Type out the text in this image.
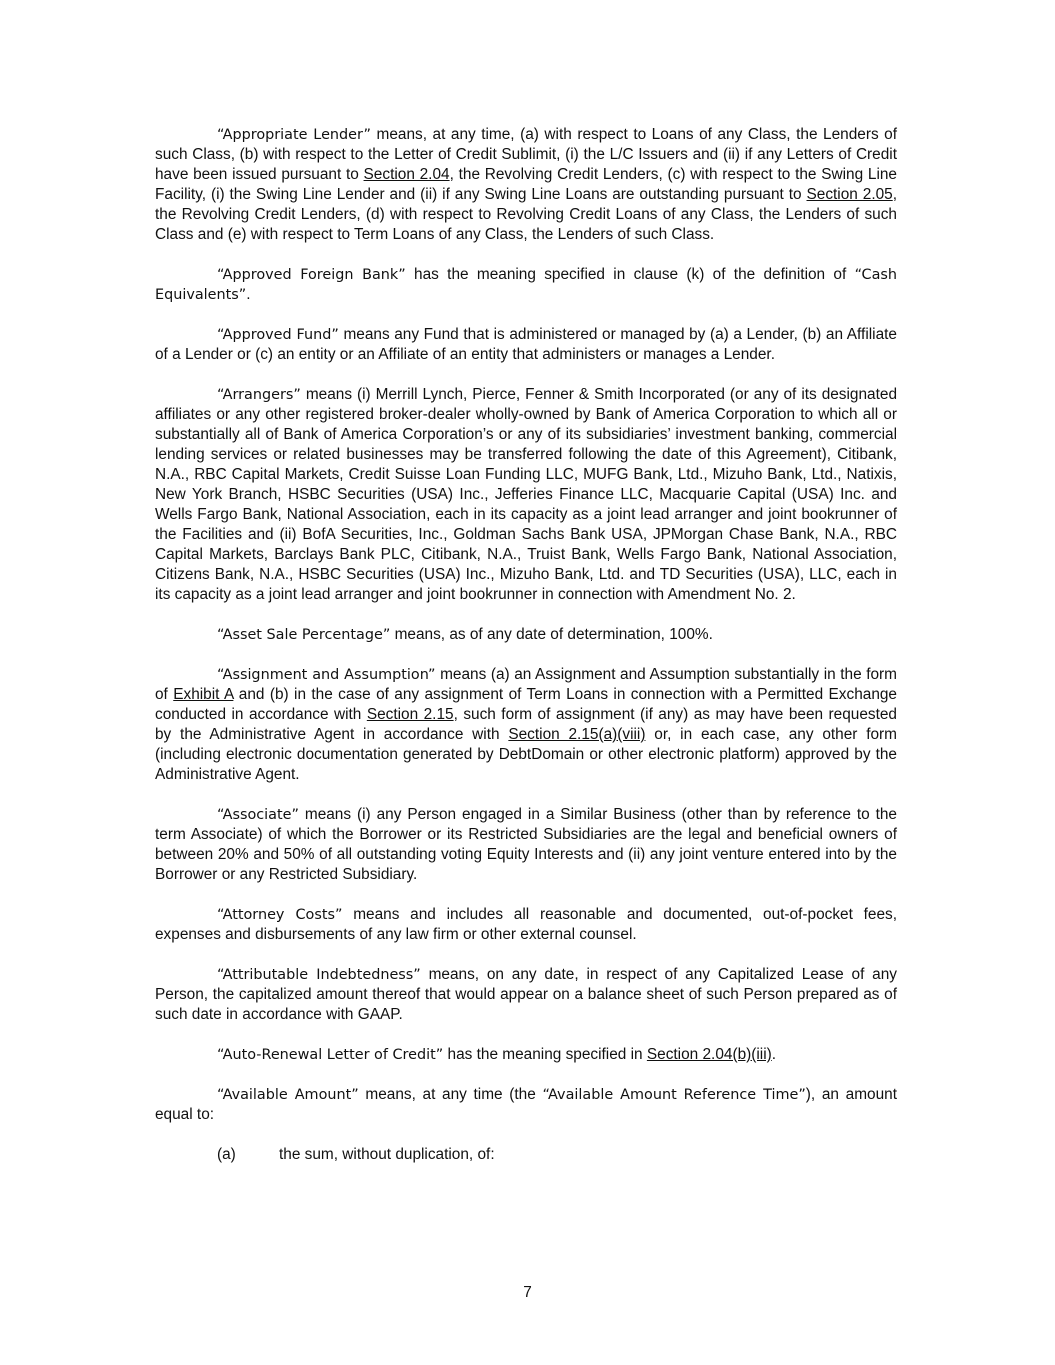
“Appropriate Lender” means, at any time, (a) with respect to Loans of any Class, the Lenders of such Class, (b) with respect to the Letter of Credit Sublimit, (i) the L/C Issuers and (ii) if any Letters of Credit have been issued pursuant to Section 2.04, the Revolving Credit Lenders, (c) with respect to the Swing Line Facility, (i) the Swing Line Lender and (ii) if any Swing Line Loans are outstanding pursuant to Section 2.05, the Revolving Credit Lenders, (d) with respect to Revolving Credit Loans of any Class, the Lenders of such Class and (e) with respect to Term Loans of any Class, the Lenders of such Class.

“Approved Foreign Bank” has the meaning specified in clause (k) of the definition of “Cash Equivalents”.

“Approved Fund” means any Fund that is administered or managed by (a) a Lender, (b) an Affiliate of a Lender or (c) an entity or an Affiliate of an entity that administers or manages a Lender.

“Arrangers” means (i) Merrill Lynch, Pierce, Fenner & Smith Incorporated (or any of its designated affiliates or any other registered broker-dealer wholly-owned by Bank of America Corporation to which all or substantially all of Bank of America Corporation’s or any of its subsidiaries’ investment banking, commercial lending services or related businesses may be transferred following the date of this Agreement), Citibank, N.A., RBC Capital Markets, Credit Suisse Loan Funding LLC, MUFG Bank, Ltd., Mizuho Bank, Ltd., Natixis, New York Branch, HSBC Securities (USA) Inc., Jefferies Finance LLC, Macquarie Capital (USA) Inc. and Wells Fargo Bank, National Association, each in its capacity as a joint lead arranger and joint bookrunner of the Facilities and (ii) BofA Securities, Inc., Goldman Sachs Bank USA, JPMorgan Chase Bank, N.A., RBC Capital Markets, Barclays Bank PLC, Citibank, N.A., Truist Bank, Wells Fargo Bank, National Association, Citizens Bank, N.A., HSBC Securities (USA) Inc., Mizuho Bank, Ltd. and TD Securities (USA), LLC, each in its capacity as a joint lead arranger and joint bookrunner in connection with Amendment No. 2.

“Asset Sale Percentage” means, as of any date of determination, 100%.

“Assignment and Assumption” means (a) an Assignment and Assumption substantially in the form of Exhibit A and (b) in the case of any assignment of Term Loans in connection with a Permitted Exchange conducted in accordance with Section 2.15, such form of assignment (if any) as may have been requested by the Administrative Agent in accordance with Section 2.15(a)(viii) or, in each case, any other form (including electronic documentation generated by DebtDomain or other electronic platform) approved by the Administrative Agent.

“Associate” means (i) any Person engaged in a Similar Business (other than by reference to the term Associate) of which the Borrower or its Restricted Subsidiaries are the legal and beneficial owners of between 20% and 50% of all outstanding voting Equity Interests and (ii) any joint venture entered into by the Borrower or any Restricted Subsidiary.

“Attorney Costs” means and includes all reasonable and documented, out-of-pocket fees, expenses and disbursements of any law firm or other external counsel.

“Attributable Indebtedness” means, on any date, in respect of any Capitalized Lease of any Person, the capitalized amount thereof that would appear on a balance sheet of such Person prepared as of such date in accordance with GAAP.

“Auto-Renewal Letter of Credit” has the meaning specified in Section 2.04(b)(iii).

“Available Amount” means, at any time (the “Available Amount Reference Time”), an amount equal to:

(a)	the sum, without duplication, of:

7
